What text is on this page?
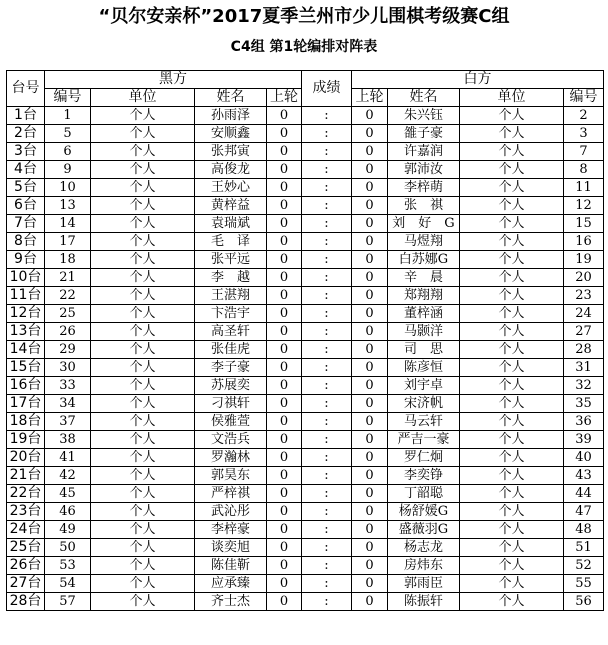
“贝尔安亲杯”2017夏季兰州市少儿围棋考级赛C组
C4组 第1轮编排对阵表
台号	黑方				成绩	白方			
	编号	单位	姓名	上轮		上轮	姓名	单位	编号
1台	1	个人	孙雨泽	0	:	0	朱兴钰	个人	2
2台	5	个人	安顺鑫	0	:	0	雒子豪	个人	3
3台	6	个人	张邦寅	0	:	0	许嘉润	个人	7
4台	9	个人	高俊龙	0	:	0	郭沛汝	个人	8
5台	10	个人	王妙心	0	:	0	李梓萌	个人	11
6台	13	个人	黄梓益	0	:	0	张　祺	个人	12
7台	14	个人	袁瑞斌	0	:	0	刘　好　G	个人	15
8台	17	个人	毛　译	0	:	0	马煜翔	个人	16
9台	18	个人	张平远	0	:	0	白苏娜G	个人	19
10台	21	个人	李　越	0	:	0	辛　晨	个人	20
11台	22	个人	王湛翔	0	:	0	郑翔翔	个人	23
12台	25	个人	卞浩宇	0	:	0	董梓涵	个人	24
13台	26	个人	高圣轩	0	:	0	马颢洋	个人	27
14台	29	个人	张佳虎	0	:	0	司　思	个人	28
15台	30	个人	李子豪	0	:	0	陈彦恒	个人	31
16台	33	个人	苏展奕	0	:	0	刘宇卓	个人	32
17台	34	个人	刁祺轩	0	:	0	宋济帆	个人	35
18台	37	个人	侯雅萱	0	:	0	马云轩	个人	36
19台	38	个人	文浩兵	0	:	0	严吉一豪	个人	39
20台	41	个人	罗瀚林	0	:	0	罗仁炯	个人	40
21台	42	个人	郭昊东	0	:	0	李奕铮	个人	43
22台	45	个人	严梓祺	0	:	0	丁韶聪	个人	44
23台	46	个人	武沁彤	0	:	0	杨舒媛G	个人	47
24台	49	个人	李梓豪	0	:	0	盛薇羽G	个人	48
25台	50	个人	谈奕旭	0	:	0	杨志龙	个人	51
26台	53	个人	陈佳靳	0	:	0	房炜东	个人	52
27台	54	个人	应承臻	0	:	0	郭雨臣	个人	55
28台	57	个人	齐士杰	0	:	0	陈振轩	个人	56
